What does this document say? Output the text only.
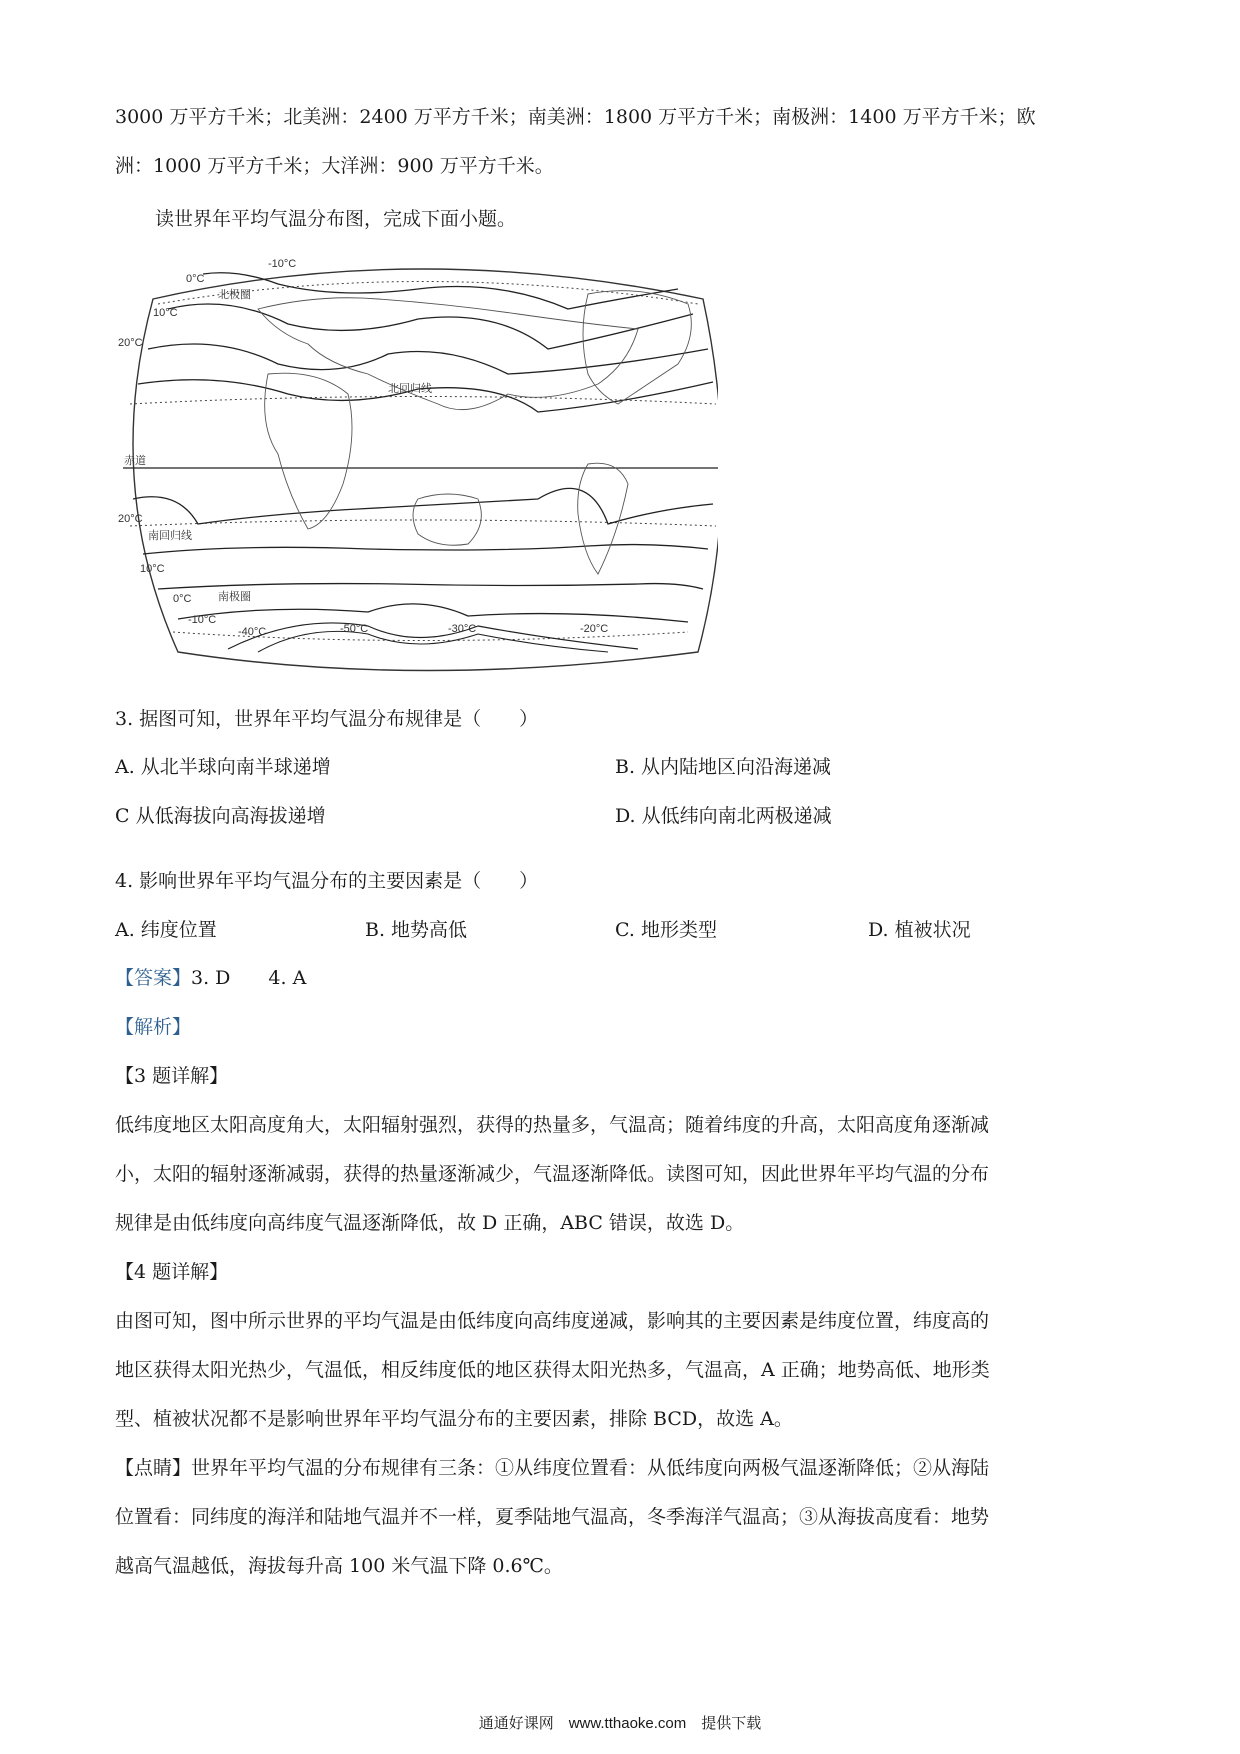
3000 万平方千米；北美洲：2400 万平方千米；南美洲：1800 万平方千米；南极洲：1400 万平方千米；欧
洲：1000 万平方千米；大洋洲：900 万平方千米。
读世界年平均气温分布图，完成下面小题。
北极圈
北回归线
赤道
南回归线
南极圈
-10°C
0°C
10°C
20°C
20°C
10°C
0°C
-10°C
-40°C	-50°C	-30°C	-20°C
3. 据图可知，世界年平均气温分布规律是（　　）
A. 从北半球向南半球递增	B. 从内陆地区向沿海递减
C 从低海拔向高海拔递增	D. 从低纬向南北两极递减
4. 影响世界年平均气温分布的主要因素是（　　）
A. 纬度位置	B. 地势高低	C. 地形类型	D. 植被状况
【答案】3. D　　4. A
【解析】
【3 题详解】
低纬度地区太阳高度角大，太阳辐射强烈，获得的热量多，气温高；随着纬度的升高，太阳高度角逐渐减
小，太阳的辐射逐渐减弱，获得的热量逐渐减少，气温逐渐降低。读图可知，因此世界年平均气温的分布
规律是由低纬度向高纬度气温逐渐降低，故 D 正确，ABC 错误，故选 D。
【4 题详解】
由图可知，图中所示世界的平均气温是由低纬度向高纬度递减，影响其的主要因素是纬度位置，纬度高的
地区获得太阳光热少，气温低，相反纬度低的地区获得太阳光热多，气温高，A 正确；地势高低、地形类
型、植被状况都不是影响世界年平均气温分布的主要因素，排除 BCD，故选 A。
【点睛】世界年平均气温的分布规律有三条：①从纬度位置看：从低纬度向两极气温逐渐降低；②从海陆
位置看：同纬度的海洋和陆地气温并不一样，夏季陆地气温高，冬季海洋气温高；③从海拔高度看：地势
越高气温越低，海拔每升高 100 米气温下降 0.6℃。
通通好课网　www.tthaoke.com　提供下载
